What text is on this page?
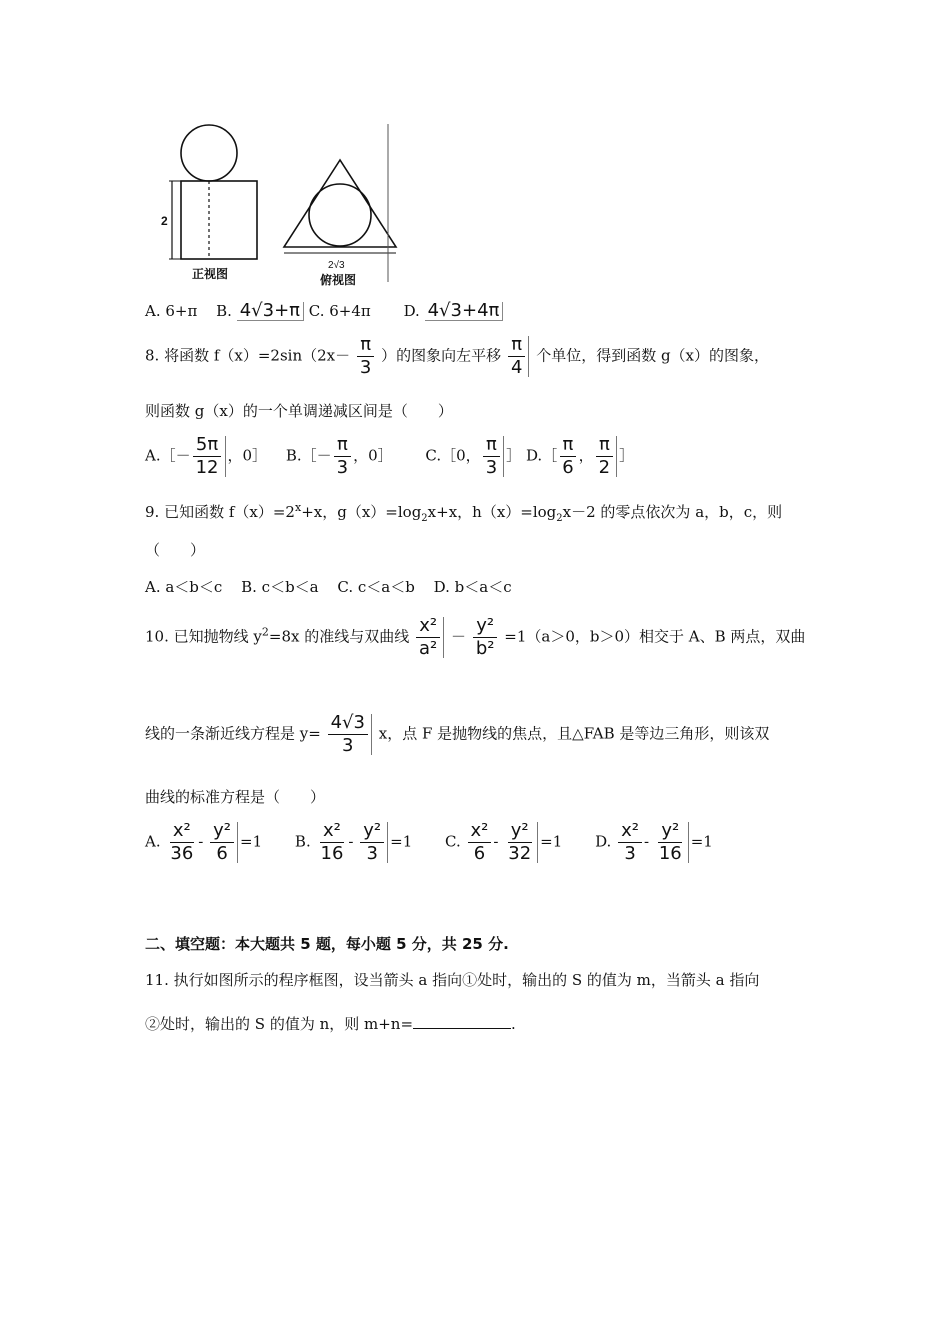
2
正视图
2√3
俯视图
A. 6+π B. 4√3+π C. 6+4π D. 4√3+4π
8. 将函数 $f(x)=2\sin(2x- \frac{\pi}{3}$ ）的图象向左平移 $\frac{\pi}{4}$ 个单位，得到函数 g（x）的图象，
则函数 g（x）的一个单调递减区间是（　　）
A.［－ $\frac{5\pi}{12}$ ，0］ B.［－ $\frac{\pi}{3}$ ，0］ C.［0， $\frac{\pi}{3}$ ］ D.［ $\frac{\pi}{6}$ ， $\frac{\pi}{2}$ ］
9. 已知函数 $f(x)=2^x+x$，$g(x)=\log_2x+x$，$h(x)=\log_2x-2$ 的零点依次为 a，b，c，则
（　　）
A. a＜b＜c B. c＜b＜a C. c＜a＜b D. b＜a＜c
10. 已知抛物线 $y^2=8x$ 的准线与双曲线 $\frac{\text{x²}}{\text{a²}} - \frac{\text{y²}}{\text{b²}} =1(a>0$，b＞0）相交于 A、B 两点，双曲
线的一条渐近线方程是 $y= \frac{4√3}{3}$ x，点 F 是抛物线的焦点，且△FAB 是等边三角形，则该双
曲线的标准方程是（　　）
A. $\frac{\text{x²}}{36} - \frac{\text{y²}}{6} =1$ B. $\frac{\text{x²}}{16} - \frac{\text{y²}}{3} =1$ C. $\frac{\text{x²}}{6} - \frac{\text{y²}}{32} =1$ D. $\frac{\text{x²}}{3} - \frac{\text{y²}}{16} =1$
二、填空题：本大题共 5 题，每小题 5 分，共 25 分.
11. 执行如图所示的程序框图，设当箭头 a 指向①处时，输出的 S 的值为 m，当箭头 a 指向
②处时，输出的 S 的值为 n，则 m+n=	.
